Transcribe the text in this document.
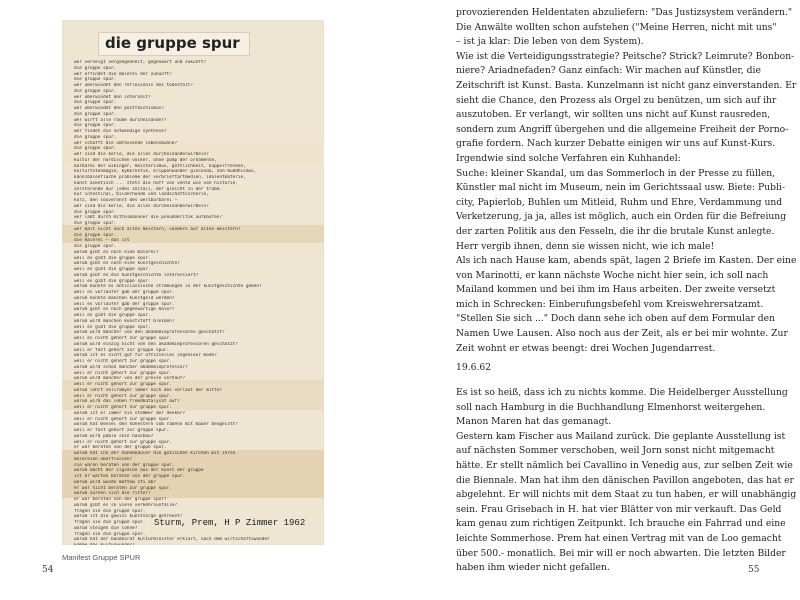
die gruppe spur
wer verneigt vergangenheit, gegenwart und zukunft?
die gruppe spur.
wer erfindet die malerei der zukunft?
die gruppe spur.
wer überwindet den reflexionis des todestalt?
die gruppe spur.
wer überwindet den intervalt?
die gruppe spur.
wer überwindet den postfaschismus?
die gruppe spur.
wer wirft alle räume durcheinander?
die gruppe spur.
wer findet die notwendige synthese?
die gruppe spur.
wer schafft die umfassende lebensbühne?
die gruppe spur.
wer sind die kerle, die alles durcheinanderwirbeln?
kultur der nordischen völker, ohne pomp der ornamente,
barbarei der wikinger, meisterismus, göttlichkeit, kuppelfresken,
kulturtotenmagie, kybernetik, krippenwunder gioconda, zen-buddhismus,
kannibalenflache probleme der verbrieftartmedien, idolentmaterie,
kunst asketisch ... stets die hoff von vento wie von historie,
zerstörende dür jedes zeitall, der gleicht in der trübe.
kur intestinal, bilderhunde und landschaftsschorle,
kurz, den souveränst des weltbarbarei —
wer sind die kerle, die alles durcheinanderwirbeln?
die gruppe spur.
wer läßt durch mittelmännner die pseudokritik aufkaufen?
die gruppe spur.
wer malt nicht nach alten meistern, sondern auf alten meistern?
die gruppe spur.
die malerei — das ist
die gruppe spur.
warum gibt es noch eine malerei?
weil es gibt die gruppe spur.
warum gibt es noch eine kunstgeschichte?
weil es gibt die gruppe spur.
warum gibt es die kunstgeschichte interessiert?
weil es gibt die gruppe spur.
warum konnte es anticlassische strömungen in der kunstgeschichte geben?
weil es vorläufer gab der gruppe spur.
warum konnte manchen kunstgeld werden?
weil es vorläufer gab der gruppe spur.
warum gibt es noch gegenwärtige maler?
weil es gibt die gruppe spur.
warum wird manchen kunststoff bleiben?
weil es gibt die gruppe spur.
warum wird mancher von den akademieprofessoren geschätzt?
weil es nicht gehört zur gruppe spur.
warum wird einzig nicht von den akademieprofessoren geschätzt?
weil er fast gehört zur gruppe spur.
warum ist es nicht gut für offizielles ingenieur mode?
weil er nicht gehört zur gruppe spur.
warum wird schon mancher akademieprofessor?
weil er nicht gehört zur gruppe spur.
warum wird mancher von der presse verhauf?
weil er nicht gehört zur gruppe spur.
warum lehrt seliramyer immer noch des vorlaut der mitte?
weil er nicht gehört zur gruppe spur.
warum wird das leben fremdkatalysat auf?
weil er nicht gehört zur gruppe spur.
warum ist er immer ein stemmer der denker?
weil er nicht gehört zur gruppe spur.
warum hat mensel den höhestern vom rabenn mit mauer beugeistt?
weil er fast gehört zur gruppe spur.
warum wird pablo sein hausbau?
weil er nicht gehört zur gruppe spur.
er war beraten von der gruppe spur.
warum hat ihn der hanebkauler die gotischen kirchen mit ihren
malereien überflossen?
sie waren beraten von der gruppe spur.
warum macht der sigvalen aus der kunst der gruppe
ist er warten beraten von der gruppe spur.
warum wird wunde mattew sti ab?
er war nicht beraten zur gruppe spur.
warum zürnen sich die ritter?
er war beraten von der gruppe spur?
warum gibt es so viele verkehrsunfälle?
fragen sie die gruppe spur.
warum ist die gewiss kunstsorge getreuet?
fragen sie die gruppe spur.
warum steigen die löhne?
fragen sie die gruppe spur.
warum hat der bundesrat kulturminister erklärt, nach dem wirtschaftswunder
Sturm, Prem, H P Zimmer 1962
Manifest Gruppe SPUR
54

provozierenden Heldentaten abzuliefern: "Das Justizsystem verändern."

Die Anwälte wollten schon aufstehen ("Meine Herren, nicht mit uns"

– ist ja klar: Die leben von dem System).

Wie ist die Verteidigungsstrategie? Peitsche? Strick? Leimrute? Bonbon-

niere? Ariadnefaden? Ganz einfach: Wir machen auf Künstler, die

Zeitschrift ist Kunst. Basta. Kunzelmann ist nicht ganz einverstanden. Er

sieht die Chance, den Prozess als Orgel zu benützen, um sich auf ihr

auszutoben. Er verlangt, wir sollten uns nicht auf Kunst rausreden,

sondern zum Angriff übergehen und die allgemeine Freiheit der Porno-

grafie fordern. Nach kurzer Debatte einigen wir uns auf Kunst-Kurs.

Irgendwie sind solche Verfahren ein Kuhhandel:

Suche: kleiner Skandal, um das Sommerloch in der Presse zu füllen,

Künstler mal nicht im Museum, nein im Gerichtssaal usw. Biete: Publi-

city, Papierlob, Buhlen um Mitleid, Ruhm und Ehre, Verdammung und

Verketzerung, ja ja, alles ist möglich, auch ein Orden für die Befreiung

der zarten Politik aus den Fesseln, die ihr die brutale Kunst anlegte.

Herr vergib ihnen, denn sie wissen nicht, wie ich male!

Als ich nach Hause kam, abends spät, lagen 2 Briefe im Kasten. Der eine

von Marinotti, er kann nächste Woche nicht hier sein, ich soll nach

Mailand kommen und bei ihm im Haus arbeiten. Der zweite versetzt

mich in Schrecken: Einberufungsbefehl vom Kreiswehrersatzamt.

"Stellen Sie sich ..." Doch dann sehe ich oben auf dem Formular den

Namen Uwe Lausen. Also noch aus der Zeit, als er bei mir wohnte. Zur

Zeit wohnt er etwas beengt: drei Wochen Jugendarrest.

19.6.62

Es ist so heiß, dass ich zu nichts komme. Die Heidelberger Ausstellung

soll nach Hamburg in die Buchhandlung Elmenhorst weitergehen.

Manon Maren hat das gemanagt.

Gestern kam Fischer aus Mailand zurück. Die geplante Ausstellung ist

auf nächsten Sommer verschoben, weil Jorn sonst nicht mitgemacht

hätte. Er stellt nämlich bei Cavallino in Venedig aus, zur selben Zeit wie

die Biennale. Man hat ihm den dänischen Pavillon angeboten, das hat er

abgelehnt. Er will nichts mit dem Staat zu tun haben, er will unabhängig

sein. Frau Grisebach in H. hat vier Blätter von mir verkauft. Das Geld

kam genau zum richtigen Zeitpunkt. Ich brauche ein Fahrrad und eine

leichte Sommerhose. Prem hat einen Vertrag mit van de Loo gemacht

über 500.- monatlich. Bei mir will er noch abwarten. Die letzten Bilder

haben ihm wieder nicht gefallen.	55
